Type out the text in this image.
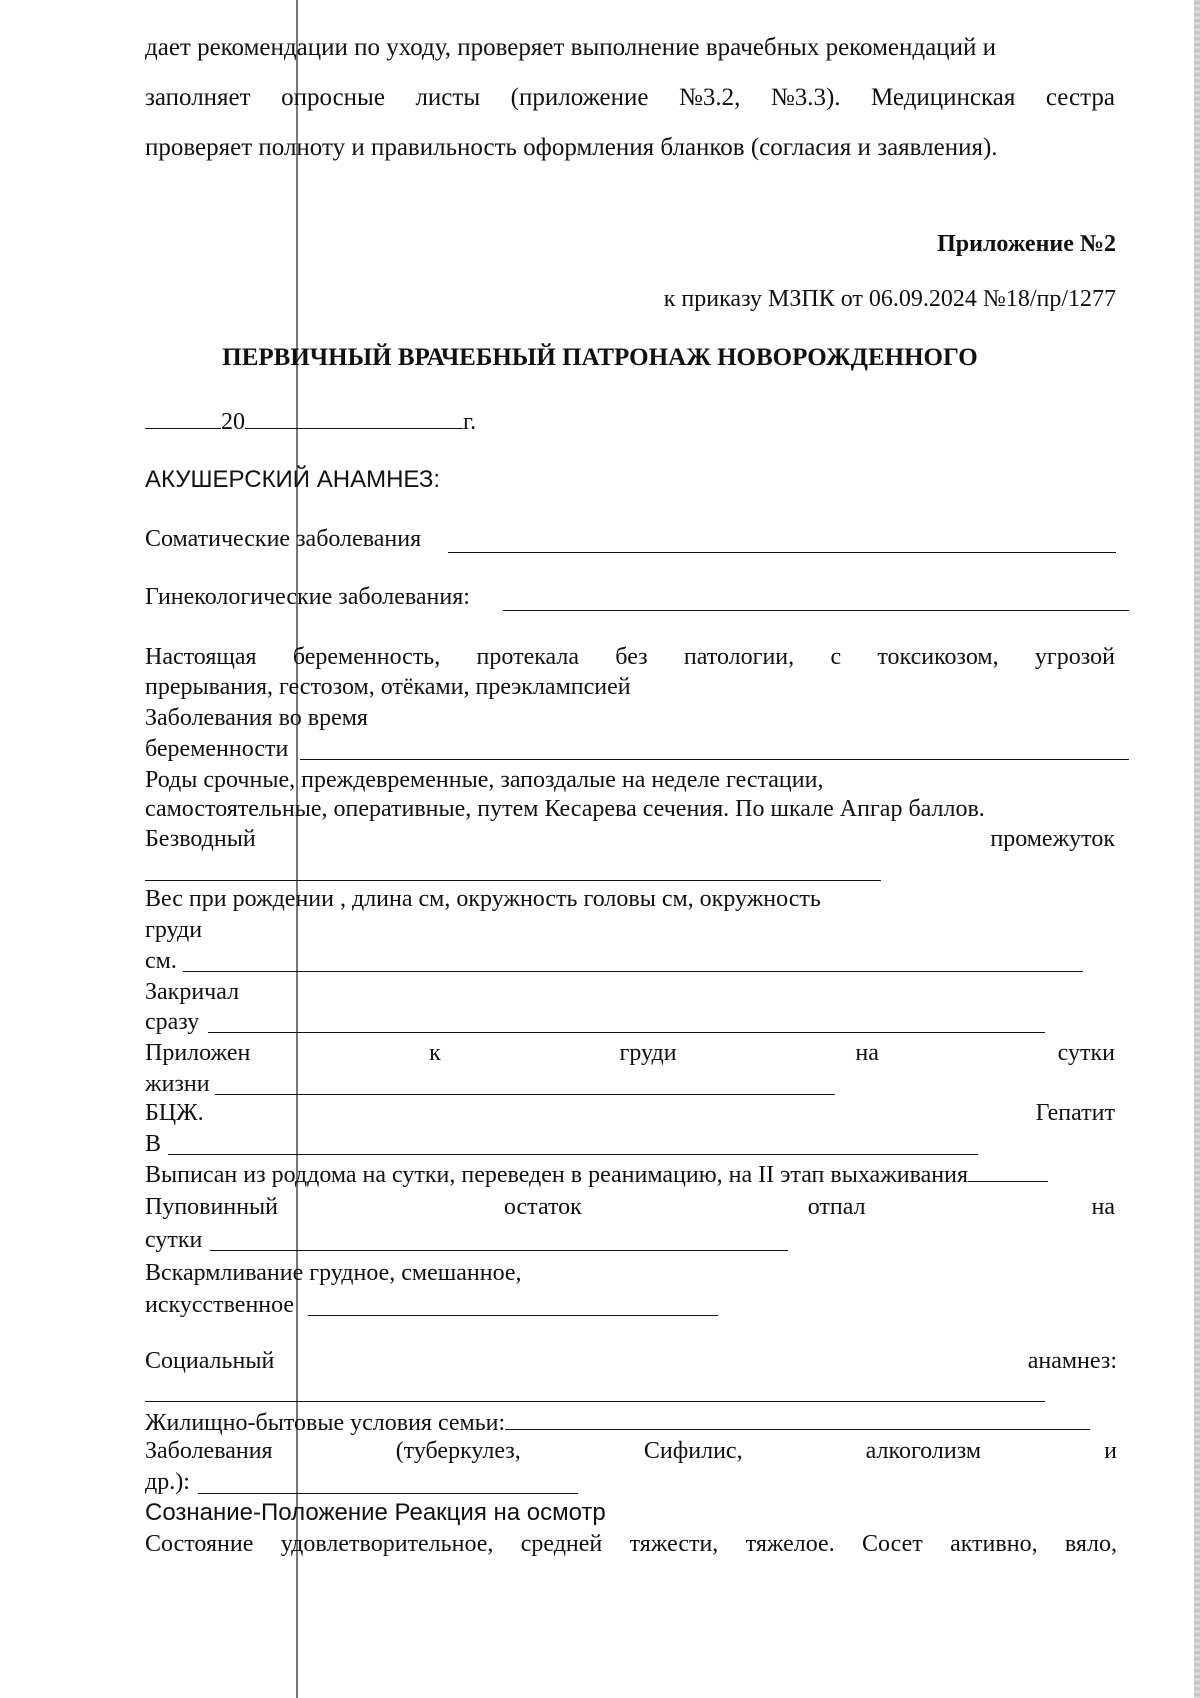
дает рекомендации по уходу, проверяет выполнение врачебных рекомендаций и
заполняет опросные листы (приложение №3.2, №3.3). Медицинская сестра
проверяет полноту и правильность оформления бланков (согласия и заявления).
Приложение №2
к приказу МЗПК от 06.09.2024 №18/пр/1277
ПЕРВИЧНЫЙ ВРАЧЕБНЫЙ ПАТРОНАЖ НОВОРОЖДЕННОГО
20	г.
АКУШЕРСКИЙ АНАМНЕЗ:
Соматические заболевания
Гинекологические заболевания:
Настоящая беременность, протекала без патологии, с токсикозом, угрозой
прерывания, гестозом, отёками, преэклампсией
Заболевания во время
беременности
Роды срочные, преждевременные, запоздалые на неделе гестации,
самостоятельные, оперативные, путем Кесарева сечения. По шкале Апгар баллов.
Безводный	промежуток
Вес при рождении , длина см, окружность головы см, окружность
груди
см.
Закричал
сразу
Приложен	к	груди	на	сутки
жизни
БЦЖ.	Гепатит
В
Выписан из роддома на сутки, переведен в реанимацию, на II этап выхаживания
Пуповинный	остаток	отпал	на
сутки
Вскармливание грудное, смешанное,
искусственное
Социальный	анамнез:
Жилищно-бытовые условия семьи:
Заболевания	(туберкулез,	Сифилис,	алкоголизм	и
др.):
Сознание-Положение Реакция на осмотр
Состояние удовлетворительное, средней тяжести, тяжелое. Сосет активно, вяло,
